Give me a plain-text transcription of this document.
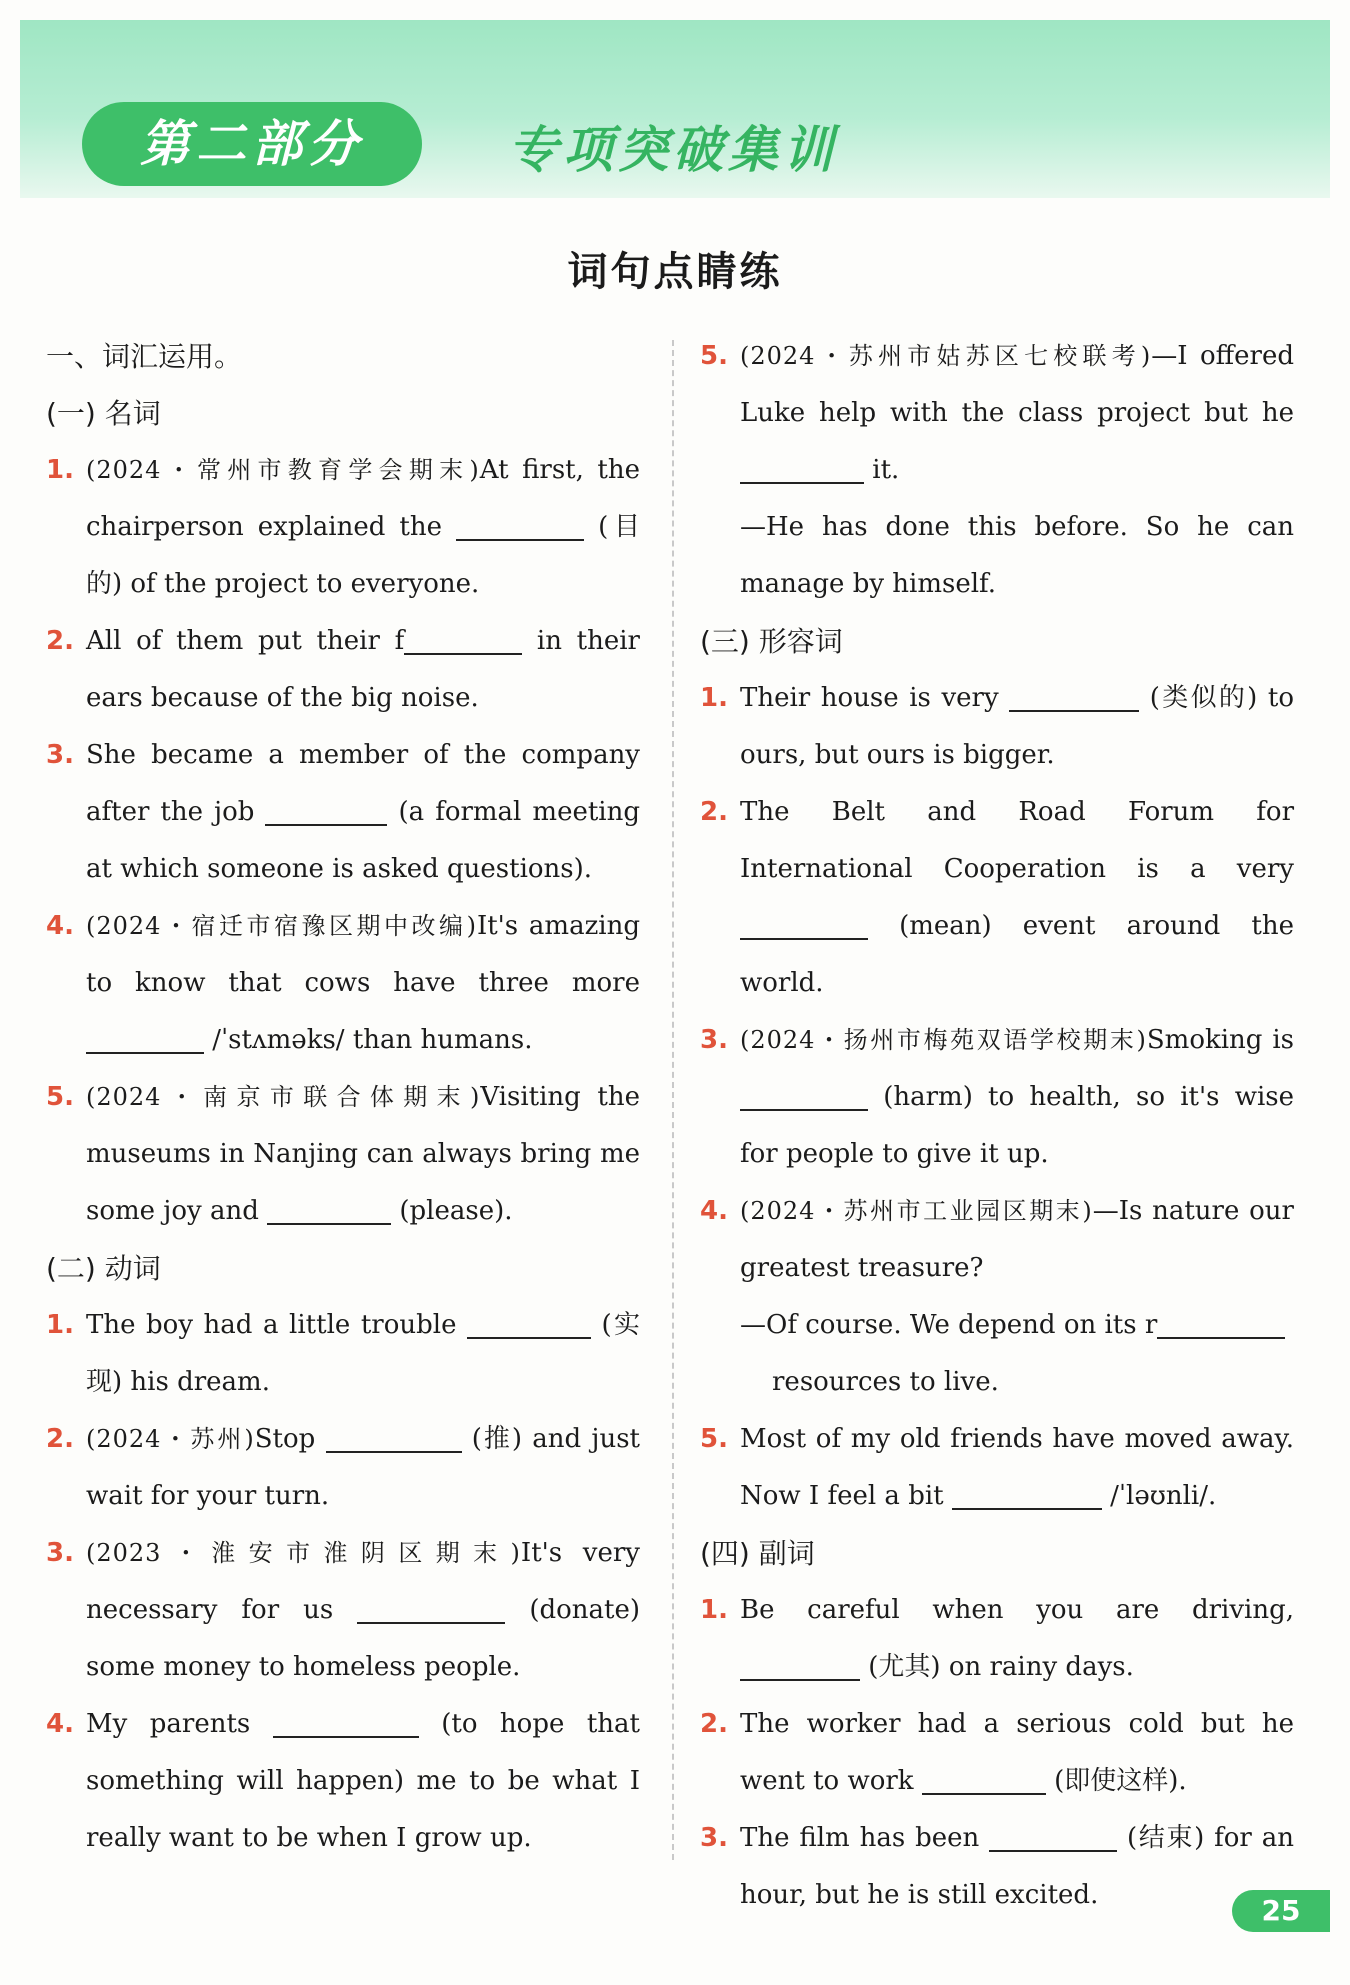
第二部分	专项突破集训
词句点睛练
一、词汇运用。
(一) 名词
1. (2024・常州市教育学会期末)At first, the chairperson explained the	(目的) of the project to everyone.
2. All of them put their f	in their ears because of the big noise.
3. She became a member of the company after the job	(a formal meeting at which someone is asked questions).
4. (2024・宿迁市宿豫区期中改编)It's amazing to know that cows have three more  /ˈstʌməks/ than humans.
5. (2024・南京市联合体期末)Visiting the museums in Nanjing can always bring me some joy and	(please).
(二) 动词
1. The boy had a little trouble	(实现) his dream.
2. (2024・苏州)Stop	(推) and just wait for your turn.
3. (2023・淮安市淮阴区期末)It's very necessary for us	(donate) some money to homeless people.
4. My parents	(to hope that something will happen) me to be what I really want to be when I grow up.
5. (2024・苏州市姑苏区七校联考)—I offered Luke help with the class project but he  it.
—He has done this before. So he can manage by himself.
(三) 形容词
1. Their house is very	(类似的) to ours, but ours is bigger.
2. The Belt and Road Forum for International Cooperation is a very  (mean) event around the world.
3. (2024・扬州市梅苑双语学校期末)Smoking is  (harm) to health, so it's wise for people to give it up.
4. (2024・苏州市工业园区期末)—Is nature our greatest treasure?
—Of course. We depend on its r

resources to live.
5. Most of my old friends have moved away. Now I feel a bit	/ˈləʊnli/.
(四) 副词
1. Be careful when you are driving,  (尤其) on rainy days.
2. The worker had a serious cold but he went to work	(即使这样).
3. The film has been	(结束) for an hour, but he is still excited.	25
